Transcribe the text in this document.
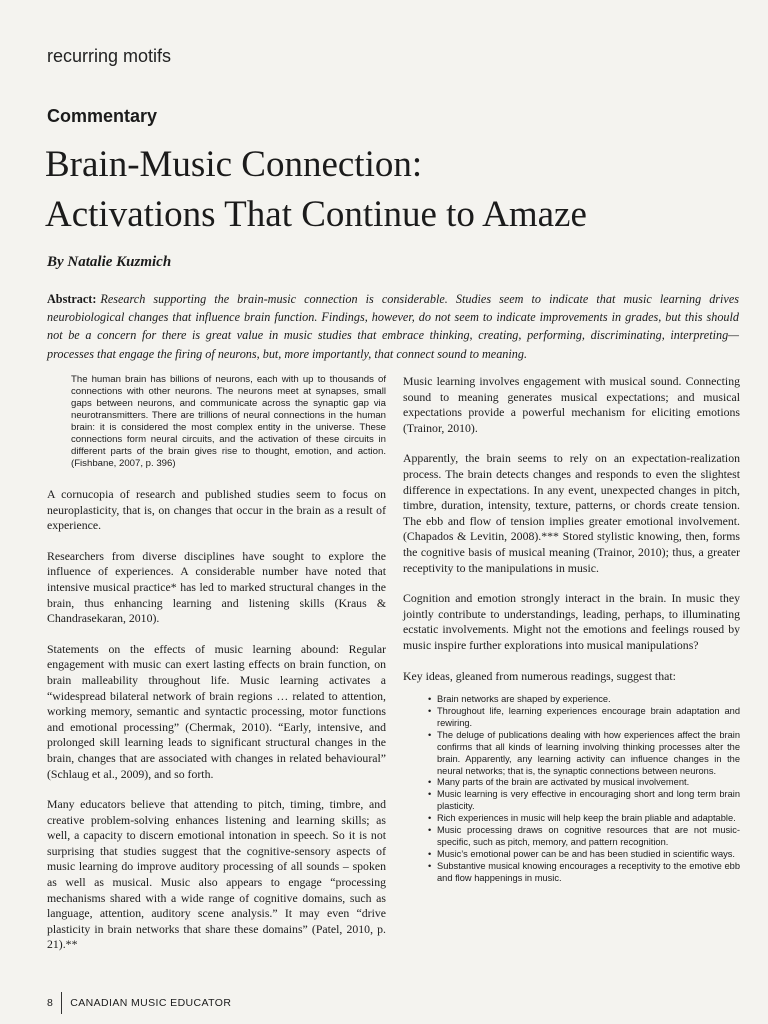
recurring motifs
Commentary
Brain-Music Connection:
Activations That Continue to Amaze
By Natalie Kuzmich
Abstract: Research supporting the brain-music connection is considerable. Studies seem to indicate that music learning drives neurobiological changes that influence brain function. Findings, however, do not seem to indicate improvements in grades, but this should not be a concern for there is great value in music studies that embrace thinking, creating, performing, discriminating, interpreting—processes that engage the firing of neurons, but, more importantly, that connect sound to meaning.

The human brain has billions of neurons, each with up to thousands of connections with other neurons. The neurons meet at synapses, small gaps between neurons, and communicate across the synaptic gap via neurotransmitters. There are trillions of neural connections in the human brain: it is considered the most complex entity in the universe. These connections form neural circuits, and the activation of these circuits in different parts of the brain gives rise to thought, emotion, and action. (Fishbane, 2007, p. 396)

A cornucopia of research and published studies seem to focus on neuroplasticity, that is, on changes that occur in the brain as a result of experience.

Researchers from diverse disciplines have sought to explore the influence of experiences. A considerable number have noted that intensive musical practice* has led to marked structural changes in the brain, thus enhancing learning and listening skills (Kraus & Chandrasekaran, 2010).

Statements on the effects of music learning abound: Regular engagement with music can exert lasting effects on brain function, on brain malleability throughout life. Music learning activates a “widespread bilateral network of brain regions … related to attention, working memory, semantic and syntactic processing, motor functions and emotional processing” (Chermak, 2010). “Early, intensive, and prolonged skill learning leads to significant structural changes in the brain, changes that are associated with changes in related behavioural” (Schlaug et al., 2009), and so forth.

Many educators believe that attending to pitch, timing, timbre, and creative problem-solving enhances listening and learning skills; as well, a capacity to discern emotional intonation in speech. So it is not surprising that studies suggest that the cognitive-sensory aspects of music learning do improve auditory processing of all sounds – spoken as well as musical. Music also appears to engage “processing mechanisms shared with a wide range of cognitive domains, such as language, attention, auditory scene analysis.” It may even “drive plasticity in brain networks that share these domains” (Patel, 2010, p. 21).**

Music learning involves engagement with musical sound. Connecting sound to meaning generates musical expectations; and musical expectations provide a powerful mechanism for eliciting emotions (Trainor, 2010).

Apparently, the brain seems to rely on an expectation-realization process. The brain detects changes and responds to even the slightest difference in expectations. In any event, unexpected changes in pitch, timbre, duration, intensity, texture, patterns, or chords create tension. The ebb and flow of tension implies greater emotional involvement. (Chapados & Levitin, 2008).*** Stored stylistic knowing, then, forms the cognitive basis of musical meaning (Trainor, 2010); thus, a greater receptivity to the manipulations in music.

Cognition and emotion strongly interact in the brain. In music they jointly contribute to understandings, leading, perhaps, to illuminating ecstatic involvements. Might not the emotions and feelings roused by music inspire further explorations into musical manipulations?

Key ideas, gleaned from numerous readings, suggest that:

• Brain networks are shaped by experience.
• Throughout life, learning experiences encourage brain adaptation and rewiring.
• The deluge of publications dealing with how experiences affect the brain confirms that all kinds of learning involving thinking processes alter the brain. Apparently, any learning activity can influence changes in the neural networks; that is, the synaptic connections between neurons.
• Many parts of the brain are activated by musical involvement.
• Music learning is very effective in encouraging short and long term brain plasticity.
• Rich experiences in music will help keep the brain pliable and adaptable.
• Music processing draws on cognitive resources that are not music-specific, such as pitch, memory, and pattern recognition.
• Music’s emotional power can be and has been studied in scientific ways.
• Substantive musical knowing encourages a receptivity to the emotive ebb and flow happenings in music.
8 CANADIAN MUSIC EDUCATOR
